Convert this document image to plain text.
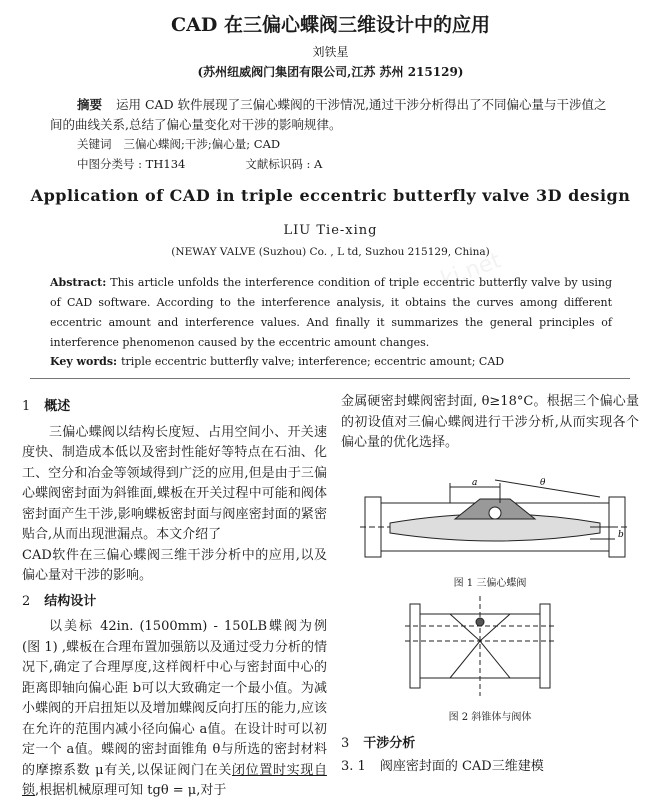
CAD 在三偏心蝶阀三维设计中的应用
刘铁星
(苏州纽威阀门集团有限公司,江苏 苏州 215129)
摘要 运用 CAD 软件展现了三偏心蝶阀的干涉情况,通过干涉分析得出了不同偏心量与干涉值之间的曲线关系,总结了偏心量变化对干涉的影响规律。
关键词 三偏心蝶阀;干涉;偏心量; CAD
中图分类号 : TH134	文献标识码 : A
Application of CAD in triple eccentric butterfly valve 3D design
LIU Tie-xing
(NEWAY VALVE (Suzhou) Co. , L td, Suzhou 215129, China)
Abstract: This article unfolds the interference condition of triple eccentric butterfly valve by using of CAD software. According to the interference analysis, it obtains the curves among different eccentric amount and interference values. And finally it summarizes the general principles of interference phenomenon caused by the eccentric amount changes.
Key words: triple eccentric butterfly valve; interference; eccentric amount; CAD
ki.net
1 概述

三偏心蝶阀以结构长度短、占用空间小、开关速度快、制造成本低以及密封性能好等特点在石油、化工、空分和冶金等领域得到广泛的应用,但是由于三偏心蝶阀密封面为斜锥面,蝶板在开关过程中可能和阀体密封面产生干涉,影响蝶板密封面与阀座密封面的紧密贴合,从而出现泄漏点。本文介绍了

CAD软件在三偏心蝶阀三维干涉分析中的应用,以及偏心量对干涉的影响。

2 结构设计

以美标 42in. (1500mm) - 150LB蝶阀为例 (图 1) ,蝶板在合理布置加强筋以及通过受力分析的情况下,确定了合理厚度,这样阀杆中心与密封面中心的距离即轴向偏心距 b可以大致确定一个最小值。为减小蝶阀的开启扭矩以及增加蝶阀反向打压的能力,应该在允许的范围内减小径向偏心 a值。在设计时可以初定一个 a值。蝶阀的密封面锥角 θ与所选的密封材料的摩擦系数 μ有关,以保证阀门在关闭位置时实现自锁,根据机械原理可知 tgθ = μ,对于

金属硬密封蝶阀密封面, θ≥18°C。根据三个偏心量的初设值对三偏心蝶阀进行干涉分析,从而实现各个偏心量的优化选择。

a	θ
b
图 1 三偏心蝶阀
图 2 斜锥体与阀体
3 干涉分析
3. 1 阀座密封面的 CAD三维建模
